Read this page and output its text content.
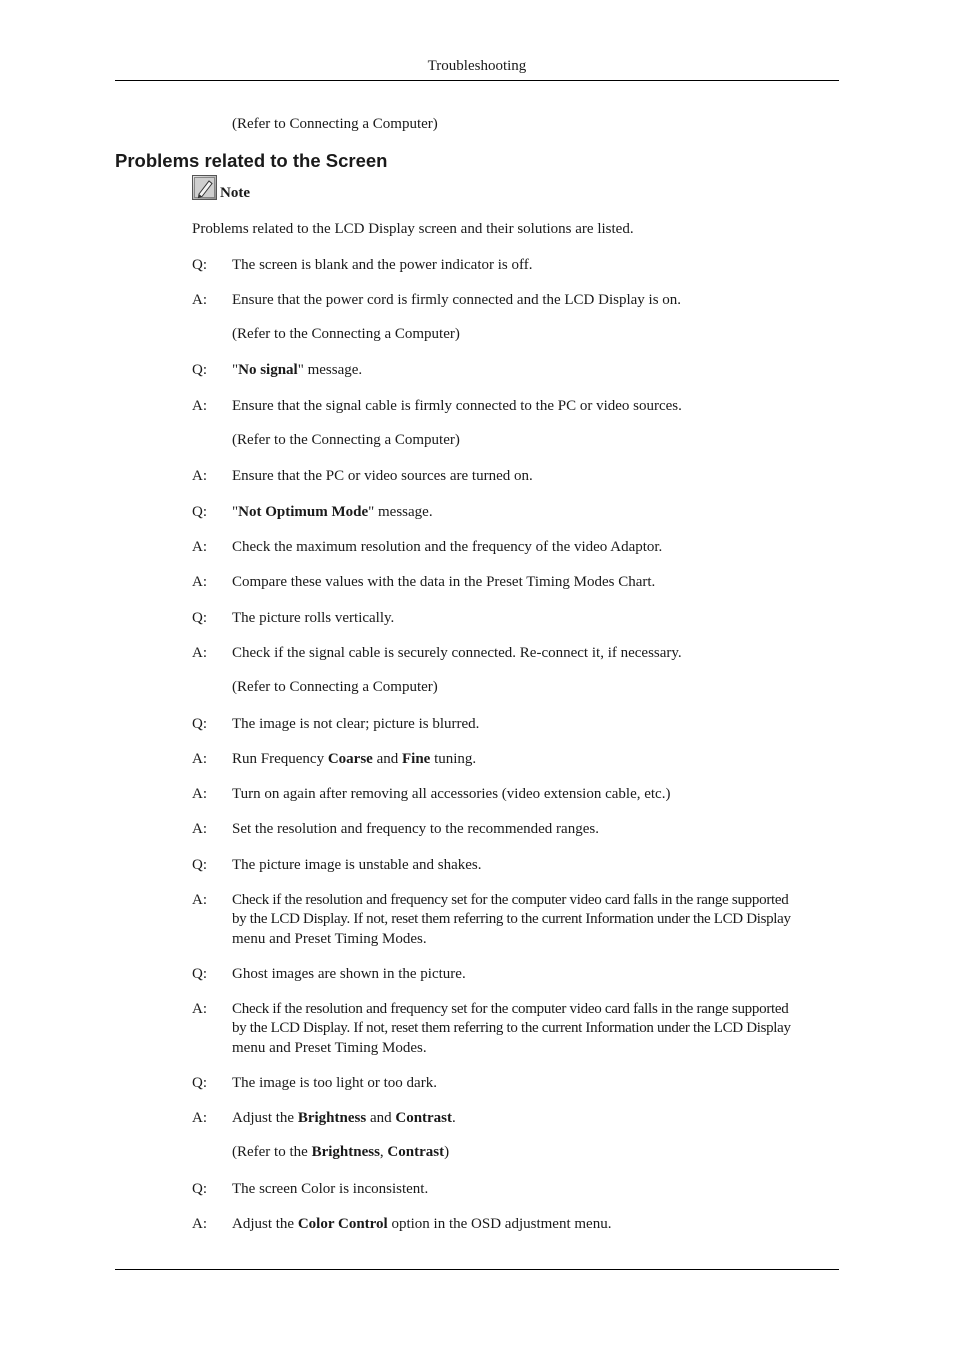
Troubleshooting
(Refer to Connecting a Computer)
Problems related to the Screen
Note
Problems related to the LCD Display screen and their solutions are listed.
Q: The screen is blank and the power indicator is off.
A: Ensure that the power cord is firmly connected and the LCD Display is on.
(Refer to the Connecting a Computer)
Q: "No signal" message.
A: Ensure that the signal cable is firmly connected to the PC or video sources.
(Refer to the Connecting a Computer)
A: Ensure that the PC or video sources are turned on.
Q: "Not Optimum Mode" message.
A: Check the maximum resolution and the frequency of the video Adaptor.
A: Compare these values with the data in the Preset Timing Modes Chart.
Q: The picture rolls vertically.
A: Check if the signal cable is securely connected. Re-connect it, if necessary.
(Refer to Connecting a Computer)
Q: The image is not clear; picture is blurred.
A: Run Frequency Coarse and Fine tuning.
A: Turn on again after removing all accessories (video extension cable, etc.)
A: Set the resolution and frequency to the recommended ranges.
Q: The picture image is unstable and shakes.
A: Check if the resolution and frequency set for the computer video card falls in the range supported
by the LCD Display. If not, reset them referring to the current Information under the LCD Display
menu and Preset Timing Modes.
Q: Ghost images are shown in the picture.
A: Check if the resolution and frequency set for the computer video card falls in the range supported
by the LCD Display. If not, reset them referring to the current Information under the LCD Display
menu and Preset Timing Modes.
Q: The image is too light or too dark.
A: Adjust the Brightness and Contrast.
(Refer to the Brightness, Contrast)
Q: The screen Color is inconsistent.
A: Adjust the Color Control option in the OSD adjustment menu.
